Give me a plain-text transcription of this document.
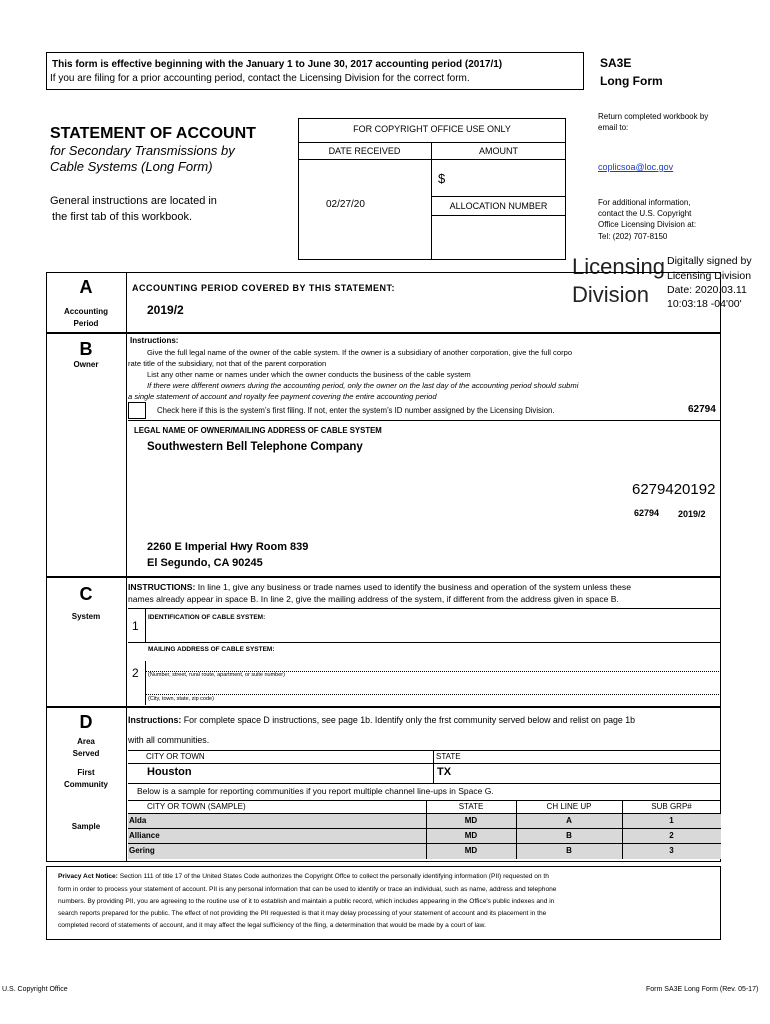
This form is effective beginning with the January 1 to June 30, 2017 accounting period (2017/1)
If you are filing for a prior accounting period, contact the Licensing Division for the correct form.
SA3E
Long Form
STATEMENT OF ACCOUNT
for Secondary Transmissions by
Cable Systems (Long Form)
General instructions are located in
the first tab of this workbook.
FOR COPYRIGHT OFFICE USE ONLY
DATE RECEIVED	AMOUNT
$
02/27/20	ALLOCATION NUMBER
Return completed workbook by
email to:
coplicsoa@loc.gov
For additional information,
contact the U.S. Copyright
Office Licensing Division at:
Tel: (202) 707-8150
Licensing
Division
Digitally signed by
Licensing Division
Date: 2020.03.11
10:03:18 -04'00'
A
Accounting
Period
ACCOUNTING PERIOD COVERED BY THIS STATEMENT:
2019/2
B
Owner
Instructions:
Give the full legal name of the owner of the cable system. If the owner is a subsidiary of another corporation, give the full corpo
rate title of the subsidiary, not that of the parent corporation
List any other name or names under which the owner conducts the business of the cable system
If there were different owners during the accounting period, only the owner on the last day of the accounting period should submi
a single statement of account and royalty fee payment covering the entire accounting period
Check here if this is the system’s first filing. If not, enter the system’s ID number assigned by the Licensing Division.	62794
LEGAL NAME OF OWNER/MAILING ADDRESS OF CABLE SYSTEM
Southwestern Bell Telephone Company
6279420192
62794 2019/2
2260 E Imperial Hwy Room 839
El Segundo, CA 90245
C
System
INSTRUCTIONS: In line 1, give any business or trade names used to identify the business and operation of the system unless these
names already appear in space B. In line 2, give the mailing address of the system, if different from the address given in space B.
1
IDENTIFICATION OF CABLE SYSTEM:
MAILING ADDRESS OF CABLE SYSTEM:
2 (Number, street, rural route, apartment, or suite number)
(City, town, state, zip code)
D
Area
Served
First
Community
Sample
Instructions: For complete space D instructions, see page 1b. Identify only the frst community served below and relist on page 1b
with all communities.
CITY OR TOWN	STATE
Houston	TX
Below is a sample for reporting communities if you report multiple channel line-ups in Space G.
CITY OR TOWN (SAMPLE)	STATE	CH LINE UP	SUB GRP#
Alda	MD	A	1
Alliance	MD	B	2
Gering	MD	B	3
Privacy Act Notice: Section 111 of title 17 of the United States Code authorizes the Copyright Offce to collect the personally identifying information (PII) requested on th
form in order to process your statement of account. PII is any personal information that can be used to identify or trace an individual, such as name, address and telephone
numbers. By providing PII, you are agreeing to the routine use of it to establish and maintain a public record, which includes appearing in the Office's public indexes and in
search reports prepared for the public. The effect of not providing the PII requested is that it may delay processing of your statement of account and its placement in the
completed record of statements of account, and it may affect the legal sufficiency of the fling, a determination that would be made by a court of law.
U.S. Copyright Office	Form SA3E Long Form (Rev. 05-17)
